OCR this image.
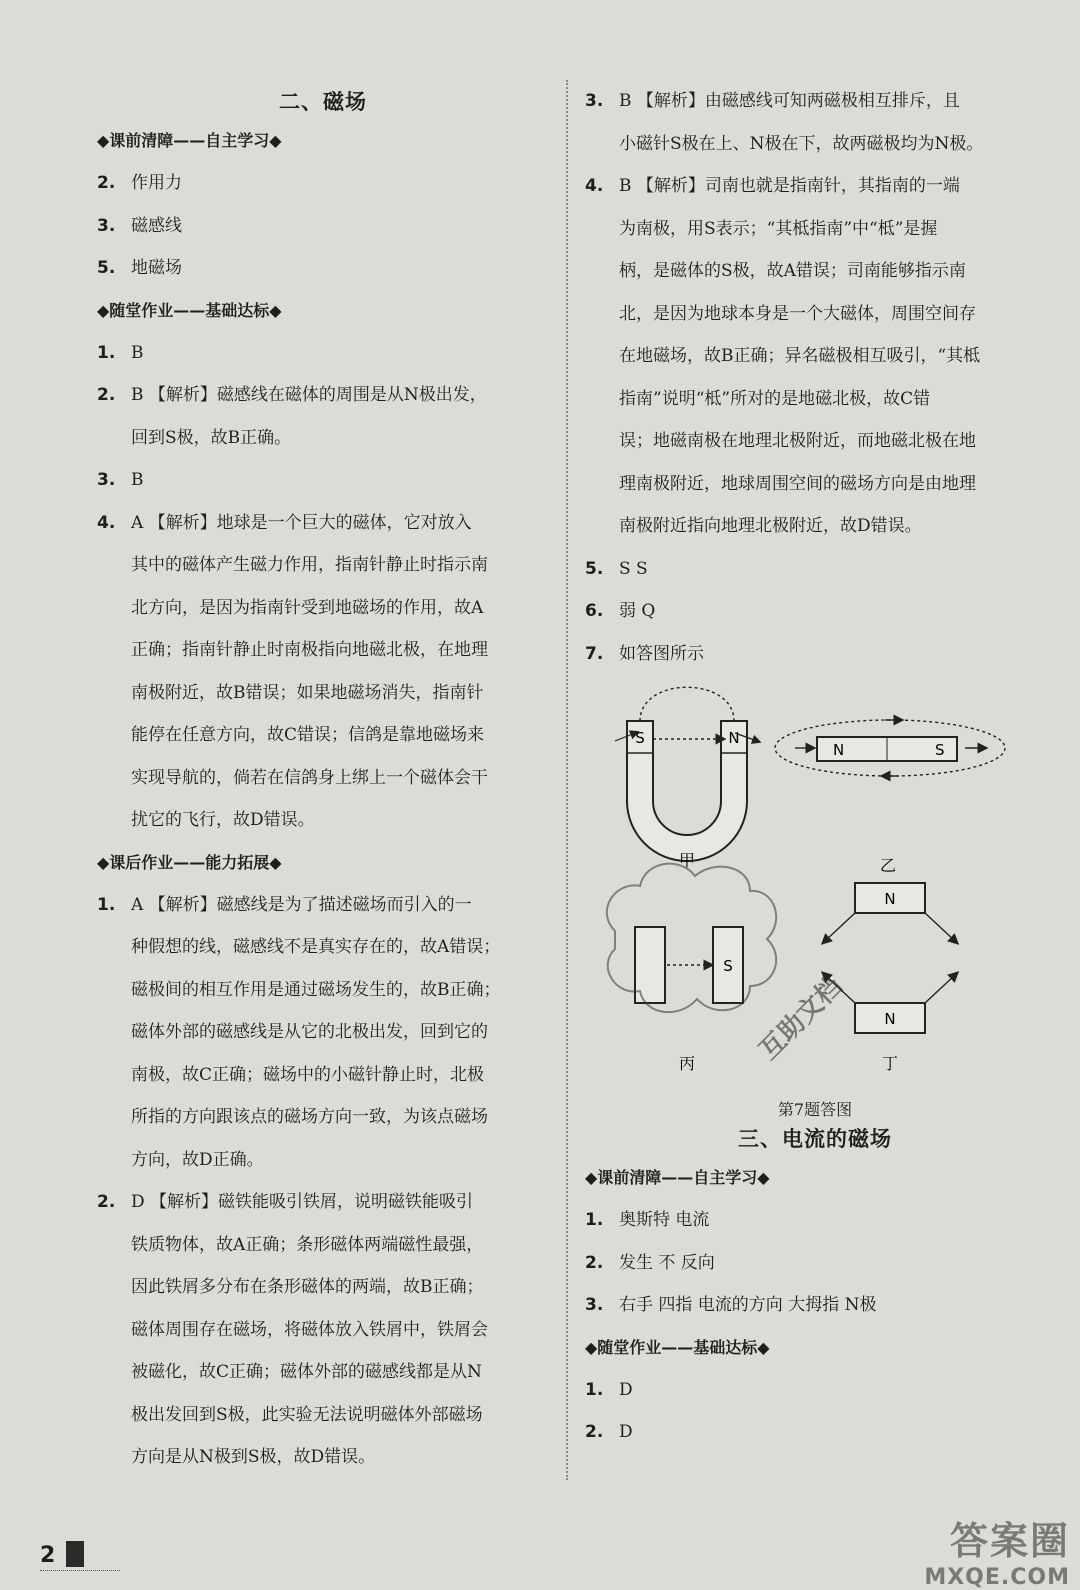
二、磁场
◆课前清障——自主学习◆
2. 作用力
3. 磁感线
5. 地磁场
◆随堂作业——基础达标◆
1. B
2. B 【解析】磁感线在磁体的周围是从N极出发，
回到S极，故B正确。
3. B
4. A 【解析】地球是一个巨大的磁体，它对放入
其中的磁体产生磁力作用，指南针静止时指示南
北方向，是因为指南针受到地磁场的作用，故A
正确；指南针静止时南极指向地磁北极，在地理
南极附近，故B错误；如果地磁场消失，指南针
能停在任意方向，故C错误；信鸽是靠地磁场来
实现导航的，倘若在信鸽身上绑上一个磁体会干
扰它的飞行，故D错误。
◆课后作业——能力拓展◆
1. A 【解析】磁感线是为了描述磁场而引入的一
种假想的线，磁感线不是真实存在的，故A错误；
磁极间的相互作用是通过磁场发生的，故B正确；
磁体外部的磁感线是从它的北极出发，回到它的
南极，故C正确；磁场中的小磁针静止时，北极
所指的方向跟该点的磁场方向一致，为该点磁场
方向，故D正确。
2. D 【解析】磁铁能吸引铁屑，说明磁铁能吸引
铁质物体，故A正确；条形磁体两端磁性最强，
因此铁屑多分布在条形磁体的两端，故B正确；
磁体周围存在磁场，将磁体放入铁屑中，铁屑会
被磁化，故C正确；磁体外部的磁感线都是从N
极出发回到S极，此实验无法说明磁体外部磁场
方向是从N极到S极，故D错误。
3. B 【解析】由磁感线可知两磁极相互排斥，且
小磁针S极在上、N极在下，故两磁极均为N极。
4. B 【解析】司南也就是指南针，其指南的一端
为南极，用S表示；“其柢指南”中“柢”是握
柄，是磁体的S极，故A错误；司南能够指示南
北，是因为地球本身是一个大磁体，周围空间存
在地磁场，故B正确；异名磁极相互吸引，“其柢
指南”说明“柢”所对的是地磁北极，故C错
误；地磁南极在地理北极附近，而地磁北极在地
理南极附近，地球周围空间的磁场方向是由地理
南极附近指向地理北极附近，故D错误。
5. S S
6. 弱 Q
7. 如答图所示
S	N
甲
N	S
乙
S
丙
N
N
丁
互助文档
第7题答图
三、电流的磁场
◆课前清障——自主学习◆
1. 奥斯特 电流
2. 发生 不 反向
3. 右手 四指 电流的方向 大拇指 N极
◆随堂作业——基础达标◆
1. D
2. D
2	答案圈
MXQE.COM
